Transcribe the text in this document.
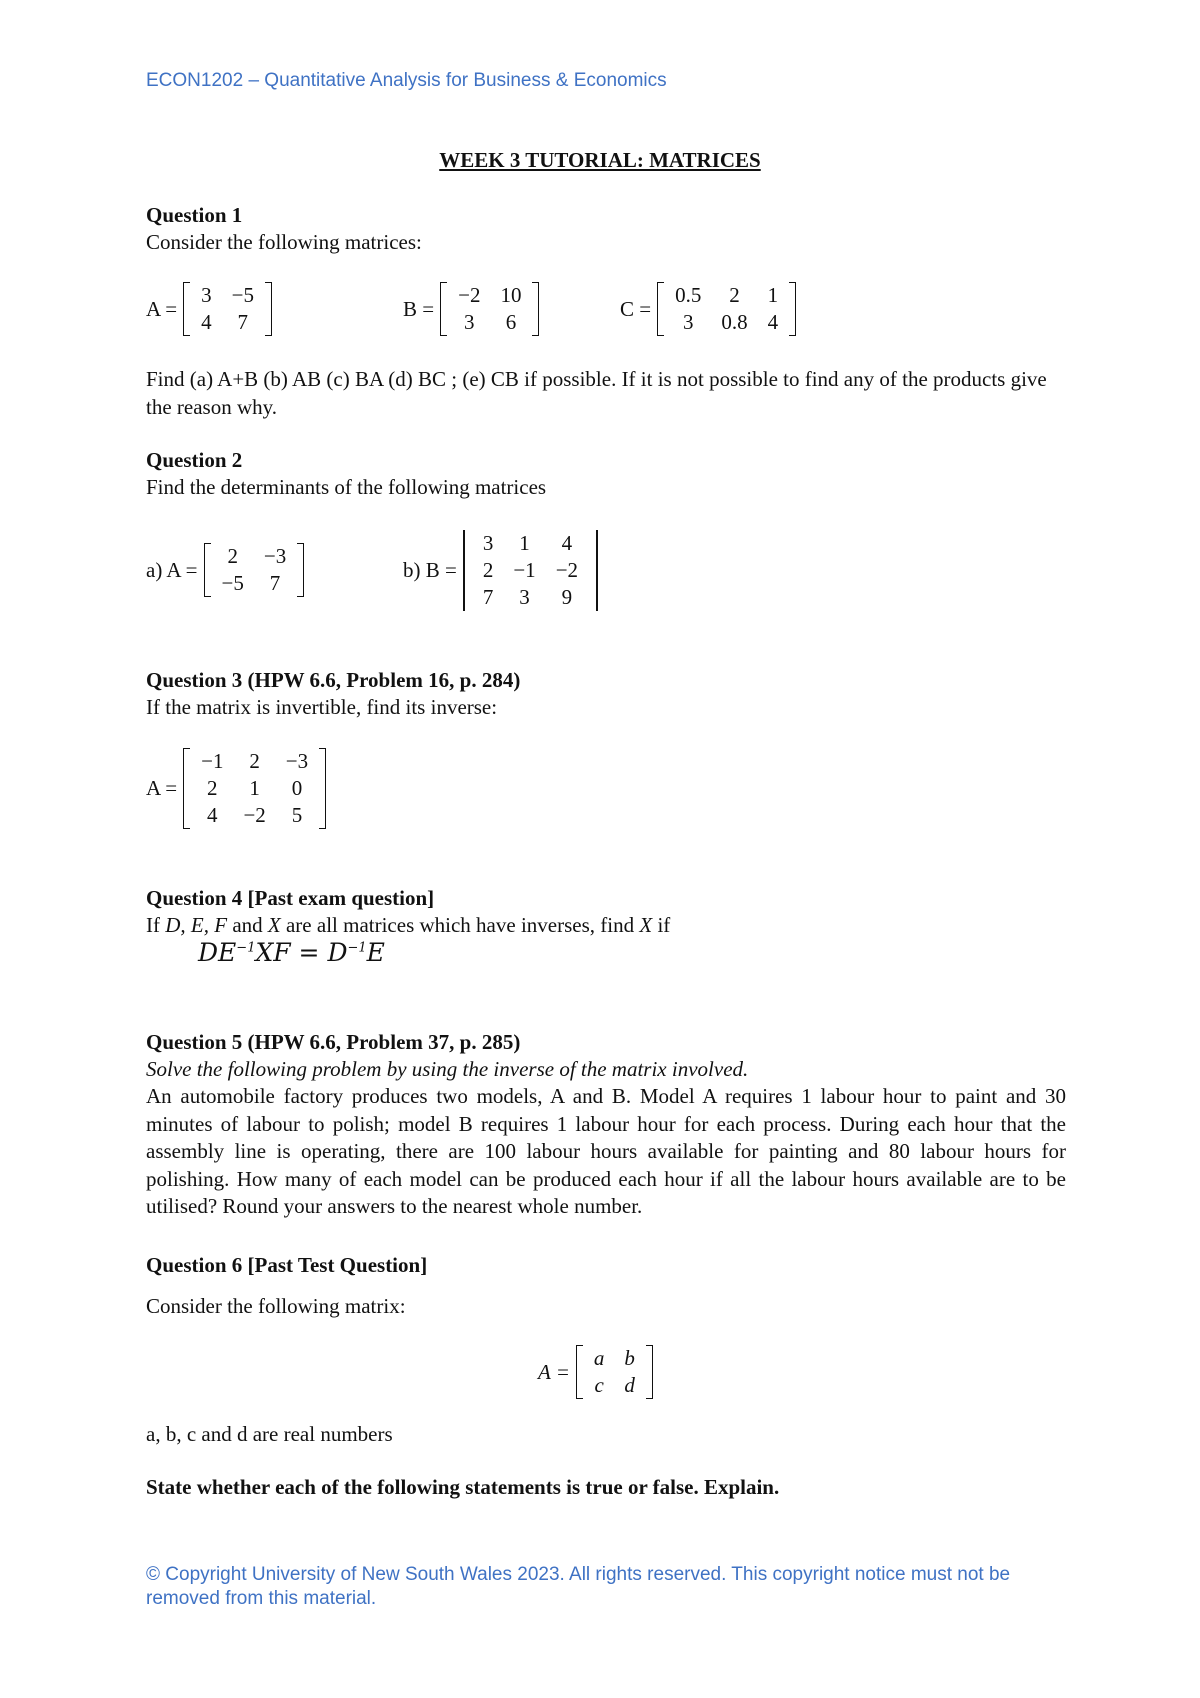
ECON1202 – Quantitative Analysis for Business & Economics
WEEK 3 TUTORIAL: MATRICES
Question 1
Consider the following matrices:
A =
3	−5
4	7
B =
−2	10
3	6
C =
0.5	2	1
3	0.8	4
Find (a) A+B (b) AB (c) BA (d) BC ; (e) CB if possible. If it is not possible to find any of the products give the reason why.
Question 2
Find the determinants of the following matrices
a) A =
2	−3
−5	7
b) B =
3	1	4
2	−1	−2
7	3	9
Question 3 (HPW 6.6, Problem 16, p. 284)
If the matrix is invertible, find its inverse:
A =
−1	2	−3
2	1	0
4	−2	5
Question 4 [Past exam question]
If D, E, F and X are all matrices which have inverses, find X if
$DE^{-1}XF = D^{-1}E$
Question 5 (HPW 6.6, Problem 37, p. 285)
Solve the following problem by using the inverse of the matrix involved.
An automobile factory produces two models, A and B. Model A requires 1 labour hour to paint and 30 minutes of labour to polish; model B requires 1 labour hour for each process. During each hour that the assembly line is operating, there are 100 labour hours available for painting and 80 labour hours for polishing. How many of each model can be produced each hour if all the labour hours available are to be utilised? Round your answers to the nearest whole number.
Question 6 [Past Test Question]
Consider the following matrix:
A =
a	b
c	d
a, b, c and d are real numbers
State whether each of the following statements is true or false. Explain.
© Copyright University of New South Wales 2023. All rights reserved. This copyright notice must not be removed from this material.
